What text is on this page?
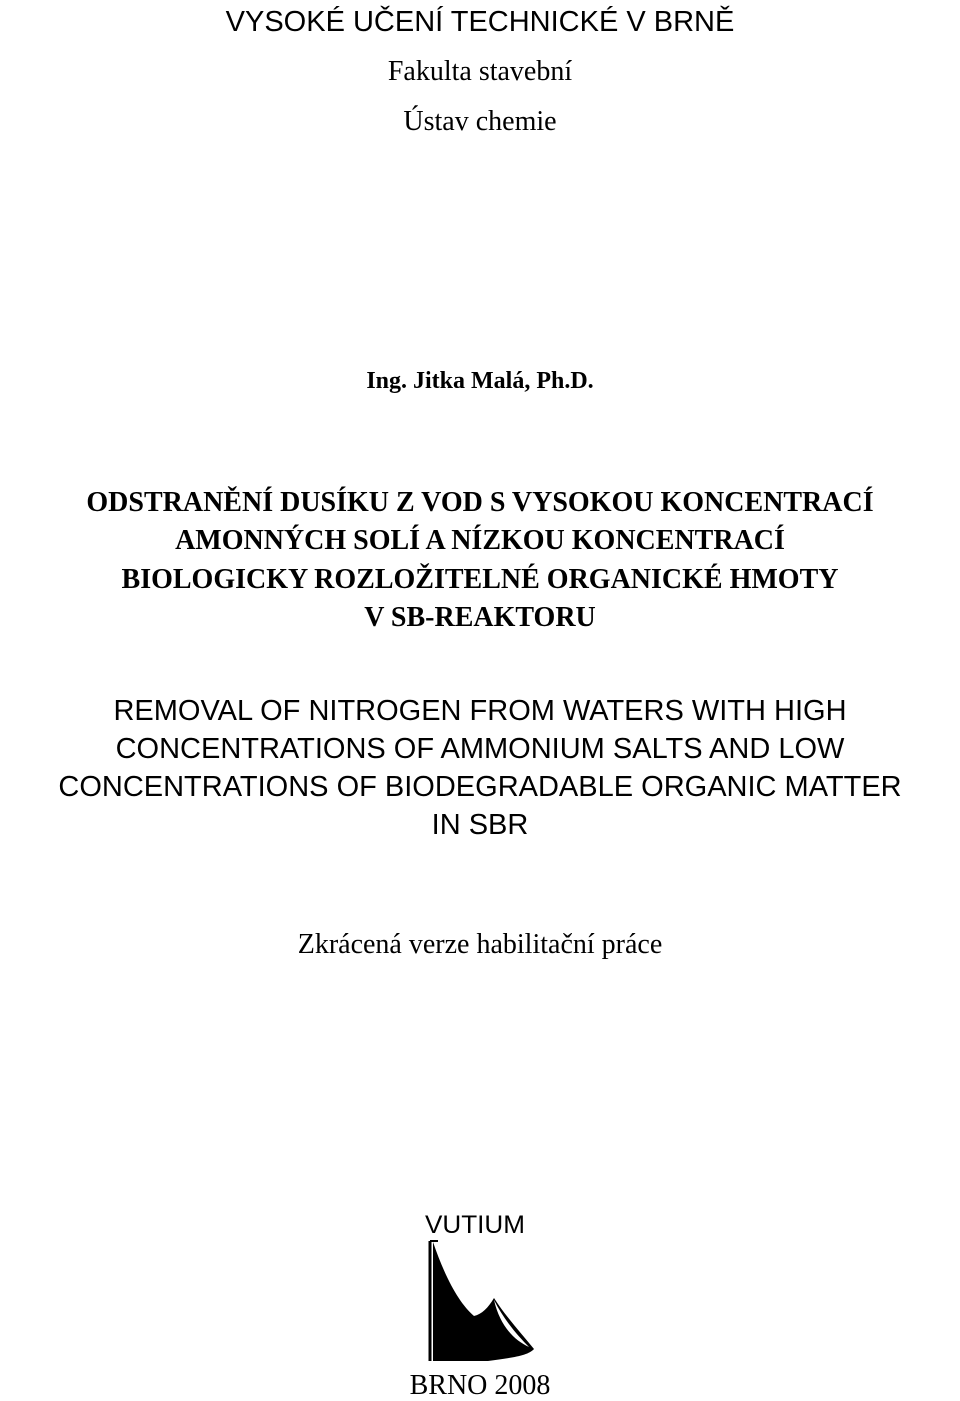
VYSOKÉ UČENÍ TECHNICKÉ V BRNĚ
Fakulta stavební
Ústav chemie
Ing. Jitka Malá, Ph.D.
ODSTRANĚNÍ DUSÍKU Z VOD S VYSOKOU KONCENTRACÍ
AMONNÝCH SOLÍ A NÍZKOU KONCENTRACÍ
BIOLOGICKY ROZLOŽITELNÉ ORGANICKÉ HMOTY
V SB-REAKTORU
REMOVAL OF NITROGEN FROM WATERS WITH HIGH
CONCENTRATIONS OF AMMONIUM SALTS AND LOW
CONCENTRATIONS OF BIODEGRADABLE ORGANIC MATTER
IN SBR
Zkrácená verze habilitační práce
VUTIUM
BRNO 2008
